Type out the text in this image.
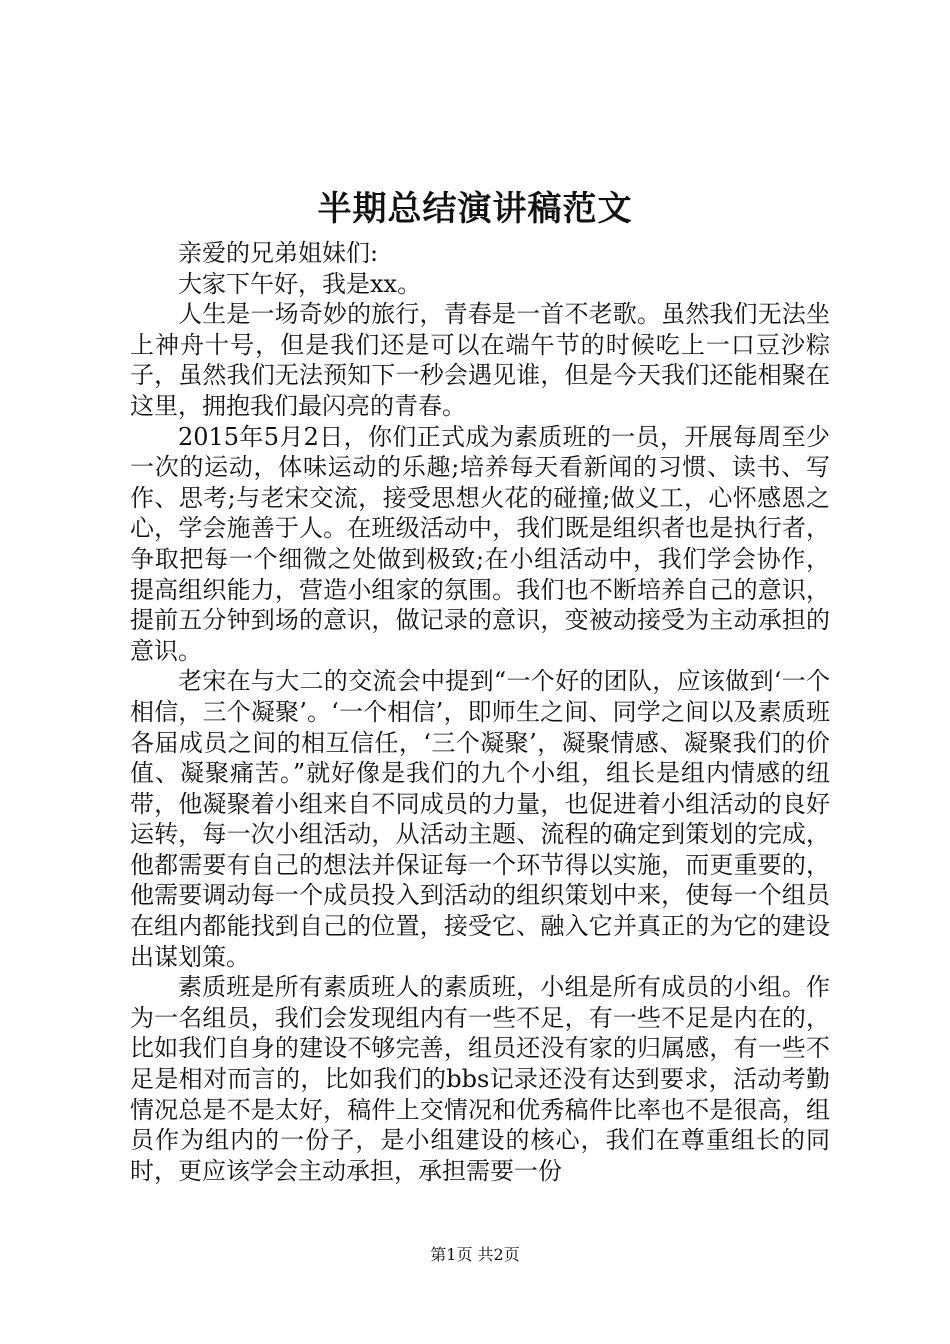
半期总结演讲稿范文

亲爱的兄弟姐妹们:

大家下午好，我是xx。

人生是一场奇妙的旅行，青春是一首不老歌。虽然我们无法坐上神舟十号，但是我们还是可以在端午节的时候吃上一口豆沙粽子，虽然我们无法预知下一秒会遇见谁，但是今天我们还能相聚在这里，拥抱我们最闪亮的青春。

2015年5月2日，你们正式成为素质班的一员，开展每周至少一次的运动，体味运动的乐趣;培养每天看新闻的习惯、读书、写作、思考;与老宋交流，接受思想火花的碰撞;做义工，心怀感恩之心，学会施善于人。在班级活动中，我们既是组织者也是执行者，争取把每一个细微之处做到极致;在小组活动中，我们学会协作，提高组织能力，营造小组家的氛围。我们也不断培养自己的意识，提前五分钟到场的意识，做记录的意识，变被动接受为主动承担的意识。

老宋在与大二的交流会中提到“一个好的团队，应该做到‘一个相信，三个凝聚’。‘一个相信’，即师生之间、同学之间以及素质班各届成员之间的相互信任，‘三个凝聚’，凝聚情感、凝聚我们的价值、凝聚痛苦。”就好像是我们的九个小组，组长是组内情感的纽带，他凝聚着小组来自不同成员的力量，也促进着小组活动的良好运转，每一次小组活动，从活动主题、流程的确定到策划的完成，他都需要有自己的想法并保证每一个环节得以实施，而更重要的，他需要调动每一个成员投入到活动的组织策划中来，使每一个组员在组内都能找到自己的位置，接受它、融入它并真正的为它的建设出谋划策。

素质班是所有素质班人的素质班，小组是所有成员的小组。作为一名组员，我们会发现组内有一些不足，有一些不足是内在的，比如我们自身的建设不够完善，组员还没有家的归属感，有一些不足是相对而言的，比如我们的bbs记录还没有达到要求，活动考勤情况总是不是太好，稿件上交情况和优秀稿件比率也不是很高，组员作为组内的一份子，是小组建设的核心，我们在尊重组长的同时，更应该学会主动承担，承担需要一份

第1页 共2页
